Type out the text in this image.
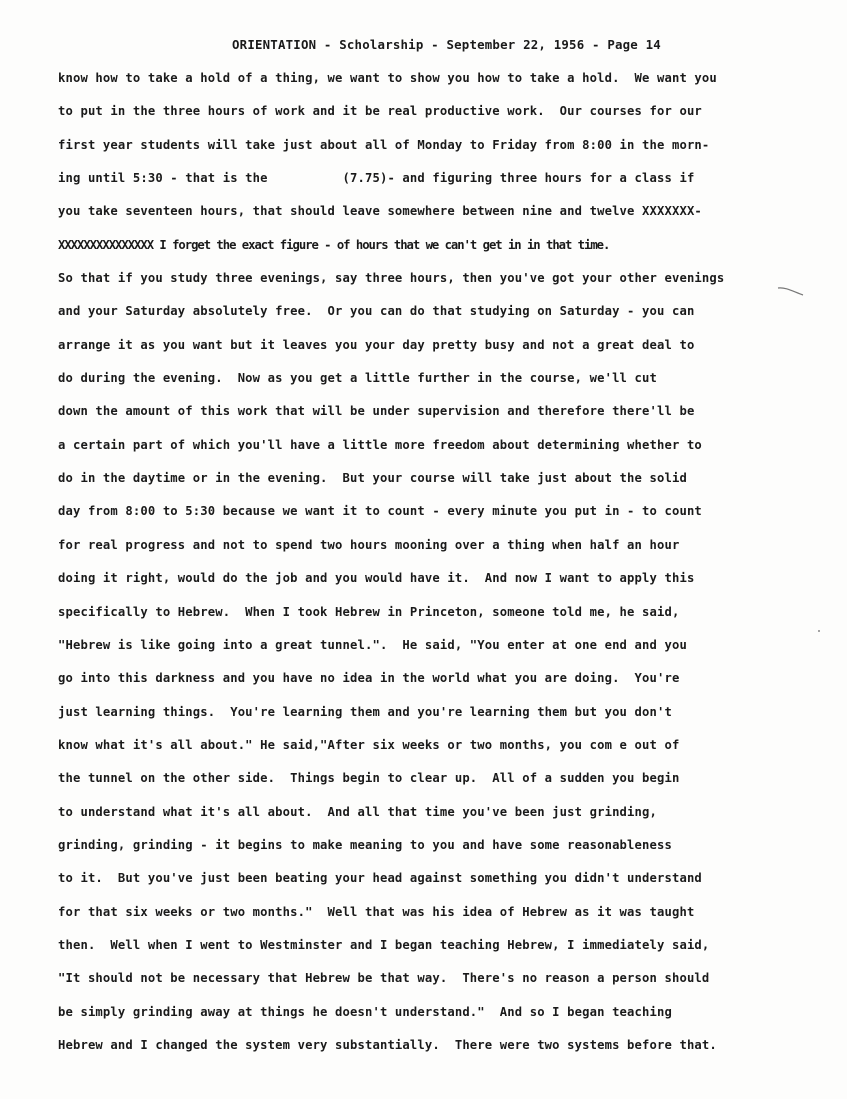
ORIENTATION - Scholarship - September 22, 1956 - Page 14
know how to take a hold of a thing, we want to show you how to take a hold.  We want you
to put in the three hours of work and it be real productive work.  Our courses for our
first year students will take just about all of Monday to Friday from 8:00 in the morn-
ing until 5:30 - that is the          (7.75)- and figuring three hours for a class if
you take seventeen hours, that should leave somewhere between nine and twelve XXXXXXX-
XXXXXXXXXXXXXXX I forget the exact figure - of hours that we can't get in in that time.
So that if you study three evenings, say three hours, then you've got your other evenings
and your Saturday absolutely free.  Or you can do that studying on Saturday - you can
arrange it as you want but it leaves you your day pretty busy and not a great deal to
do during the evening.  Now as you get a little further in the course, we'll cut
down the amount of this work that will be under supervision and therefore there'll be
a certain part of which you'll have a little more freedom about determining whether to
do in the daytime or in the evening.  But your course will take just about the solid
day from 8:00 to 5:30 because we want it to count - every minute you put in - to count
for real progress and not to spend two hours mooning over a thing when half an hour
doing it right, would do the job and you would have it.  And now I want to apply this
specifically to Hebrew.  When I took Hebrew in Princeton, someone told me, he said,
"Hebrew is like going into a great tunnel.".  He said, "You enter at one end and you
go into this darkness and you have no idea in the world what you are doing.  You're
just learning things.  You're learning them and you're learning them but you don't
know what it's all about." He said,"After six weeks or two months, you com e out of
the tunnel on the other side.  Things begin to clear up.  All of a sudden you begin
to understand what it's all about.  And all that time you've been just grinding,
grinding, grinding - it begins to make meaning to you and have some reasonableness
to it.  But you've just been beating your head against something you didn't understand
for that six weeks or two months."  Well that was his idea of Hebrew as it was taught
then.  Well when I went to Westminster and I began teaching Hebrew, I immediately said,
"It should not be necessary that Hebrew be that way.  There's no reason a person should
be simply grinding away at things he doesn't understand."  And so I began teaching
Hebrew and I changed the system very substantially.  There were two systems before that.
